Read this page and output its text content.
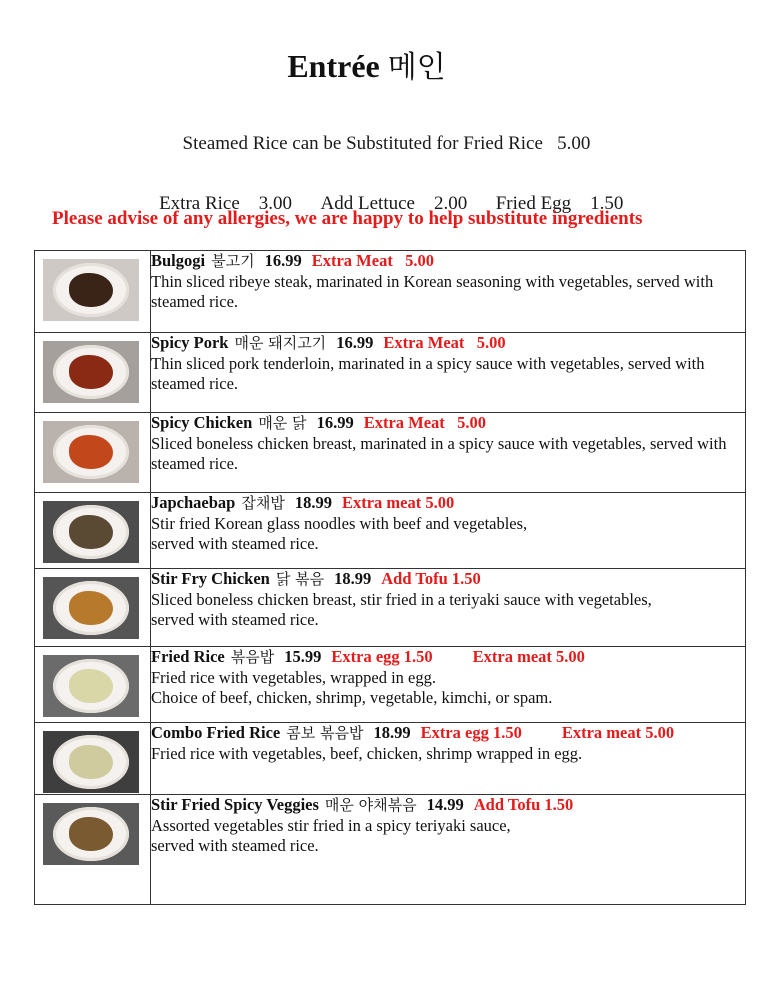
Entrée 메인
Steamed Rice can be Substituted for Fried Rice   5.00

Extra Rice    3.00 Add Lettuce    2.00 Fried Egg    1.50

Please advise of any allergies, we are happy to help substitute ingredients

	Bulgogi 불고기 16.99 Extra Meat   5.00
Thin sliced ribeye steak, marinated in Korean seasoning with vegetables, served with steamed rice.

	Spicy Pork 매운 돼지고기 16.99 Extra Meat   5.00
Thin sliced pork tenderloin, marinated in a spicy sauce with vegetables, served with steamed rice.

	Spicy Chicken 매운 닭 16.99 Extra Meat   5.00
Sliced boneless chicken breast, marinated in a spicy sauce with vegetables, served with steamed rice.

	Japchaebap 잡채밥 18.99 Extra meat 5.00
Stir fried Korean glass noodles with beef and vegetables,
served with steamed rice.

	Stir Fry Chicken 닭 볶음 18.99 Add Tofu 1.50
Sliced boneless chicken breast, stir fried in a teriyaki sauce with vegetables,
served with steamed rice.

	Fried Rice 볶음밥 15.99 Extra egg 1.50 Extra meat 5.00
Fried rice with vegetables, wrapped in egg.
Choice of beef, chicken, shrimp, vegetable, kimchi, or spam.

	Combo Fried Rice 콤보 볶음밥 18.99 Extra egg 1.50 Extra meat 5.00
Fried rice with vegetables, beef, chicken, shrimp wrapped in egg.

	Stir Fried Spicy Veggies 매운 야채볶음 14.99 Add Tofu 1.50
Assorted vegetables stir fried in a spicy teriyaki sauce,
served with steamed rice.
